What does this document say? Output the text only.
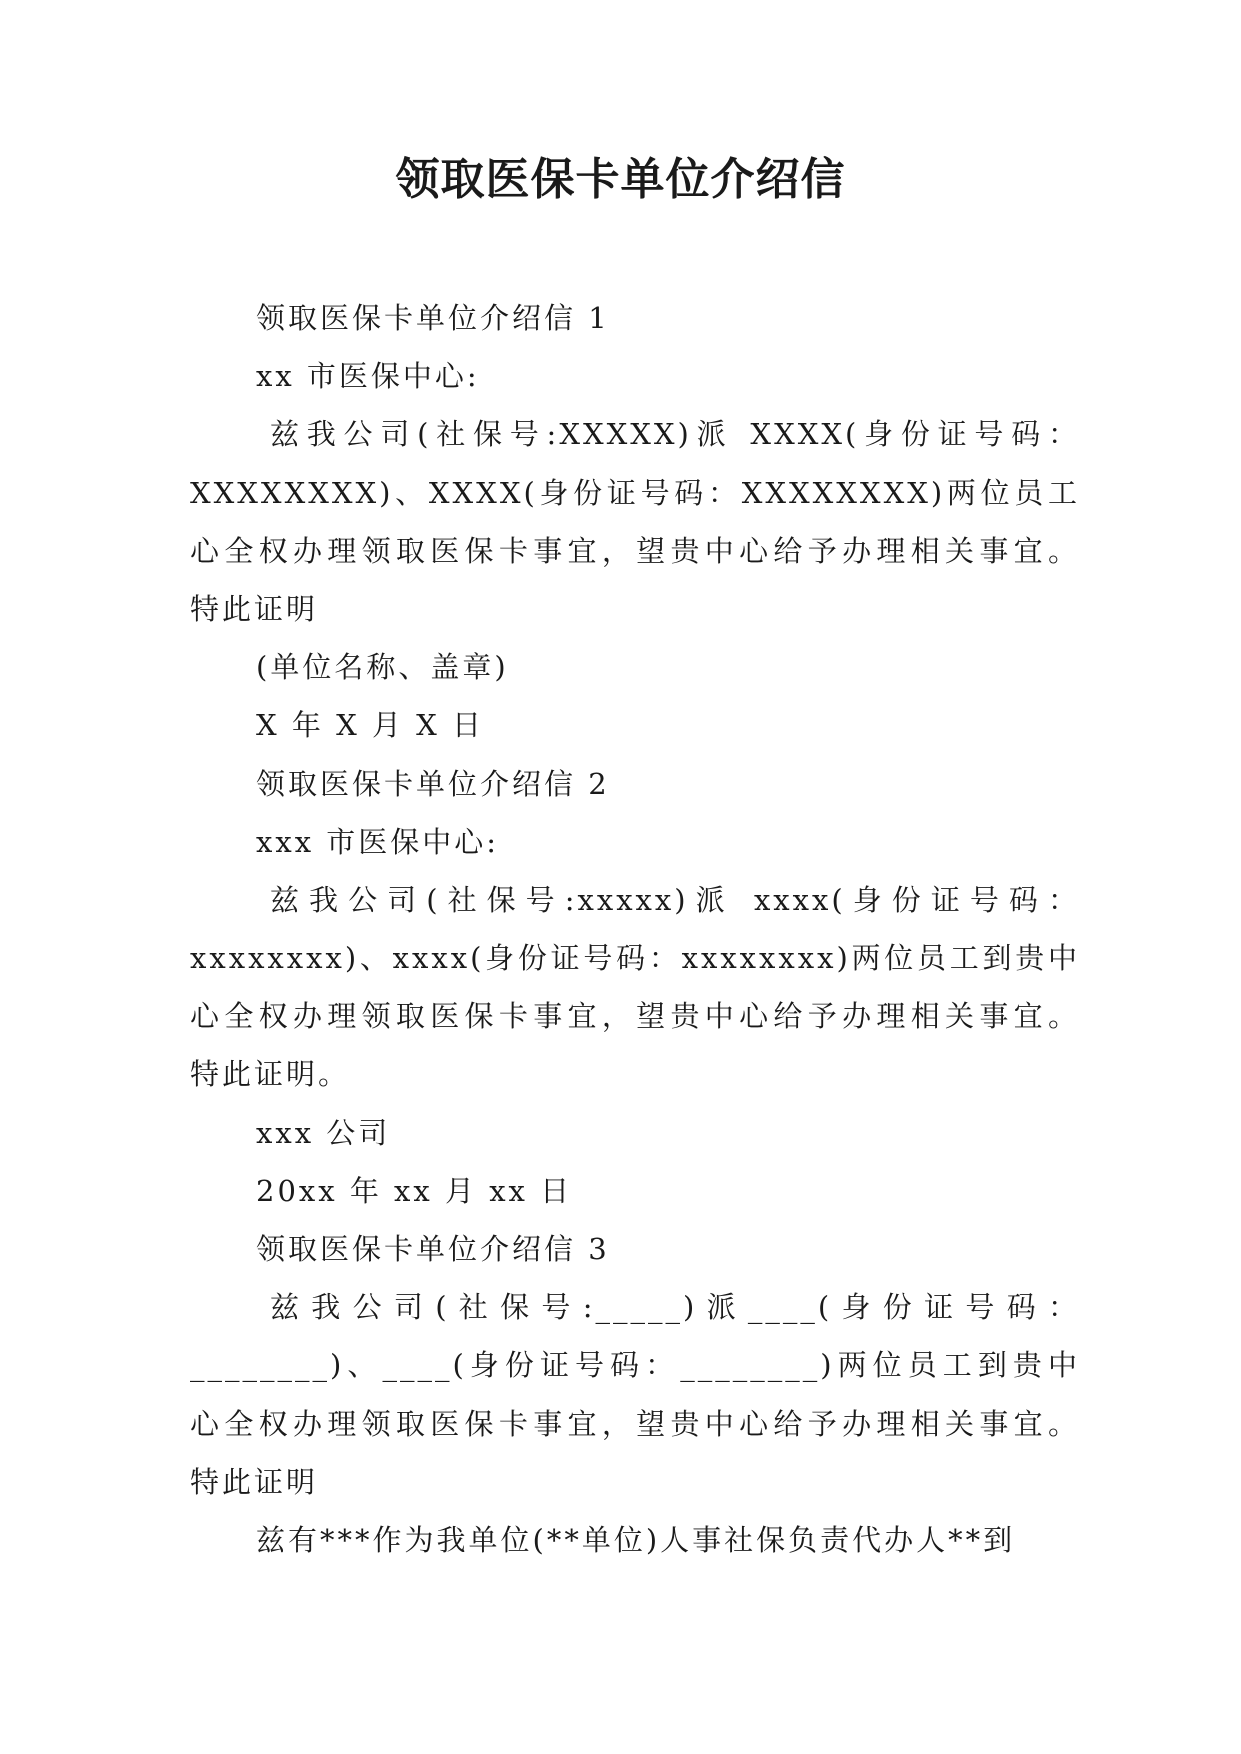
领取医保卡单位介绍信

领取医保卡单位介绍信 1

xx 市医保中心:

兹我公司(社保号:XXXXX)派 XXXX(身份证号码：

XXXXXXXX)、XXXX(身份证号码：XXXXXXXX)两位员工

心全权办理领取医保卡事宜，望贵中心给予办理相关事宜。

特此证明

(单位名称、盖章)

X 年 X 月 X 日

领取医保卡单位介绍信 2

xxx 市医保中心:

兹我公司(社保号:xxxxx)派 xxxx(身份证号码：

xxxxxxxx)、xxxx(身份证号码：xxxxxxxx)两位员工到贵中

心全权办理领取医保卡事宜，望贵中心给予办理相关事宜。

特此证明。

xxx 公司

20xx 年 xx 月 xx 日

领取医保卡单位介绍信 3

兹我公司(社保号:_____)派____(身份证号码：

________)、____(身份证号码：________)两位员工到贵中

心全权办理领取医保卡事宜，望贵中心给予办理相关事宜。

特此证明

兹有***作为我单位(**单位)人事社保负责代办人**到
